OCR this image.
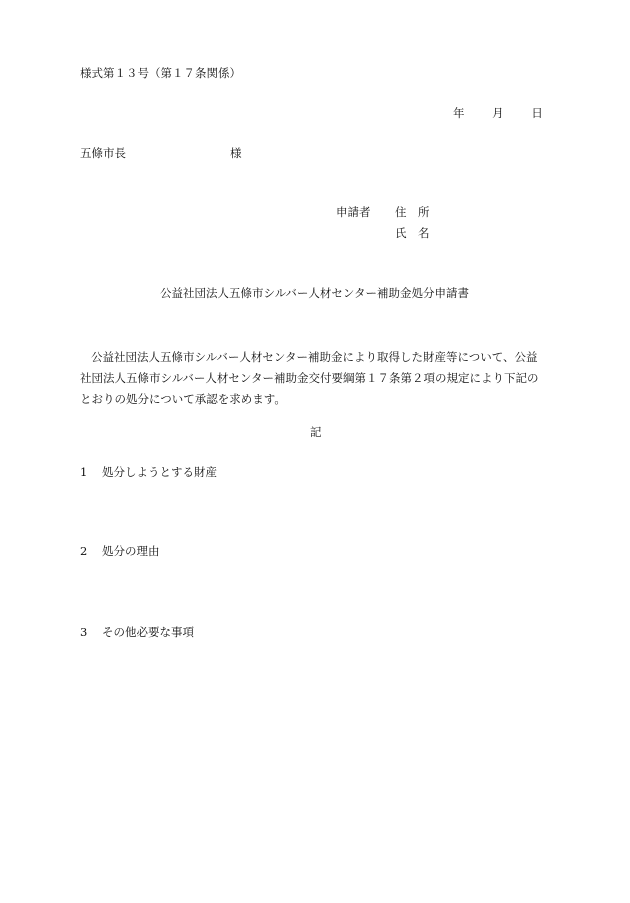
様式第１３号（第１７条関係）
年 月 日
五條市長	様
申請者 住　所
氏　名
公益社団法人五條市シルバー人材センター補助金処分申請書
公益社団法人五條市シルバー人材センター補助金により取得した財産等について、公益
社団法人五條市シルバー人材センター補助金交付要綱第１７条第２項の規定により下記の
とおりの処分について承認を求めます。
記
1 処分しようとする財産
2 処分の理由
3 その他必要な事項
